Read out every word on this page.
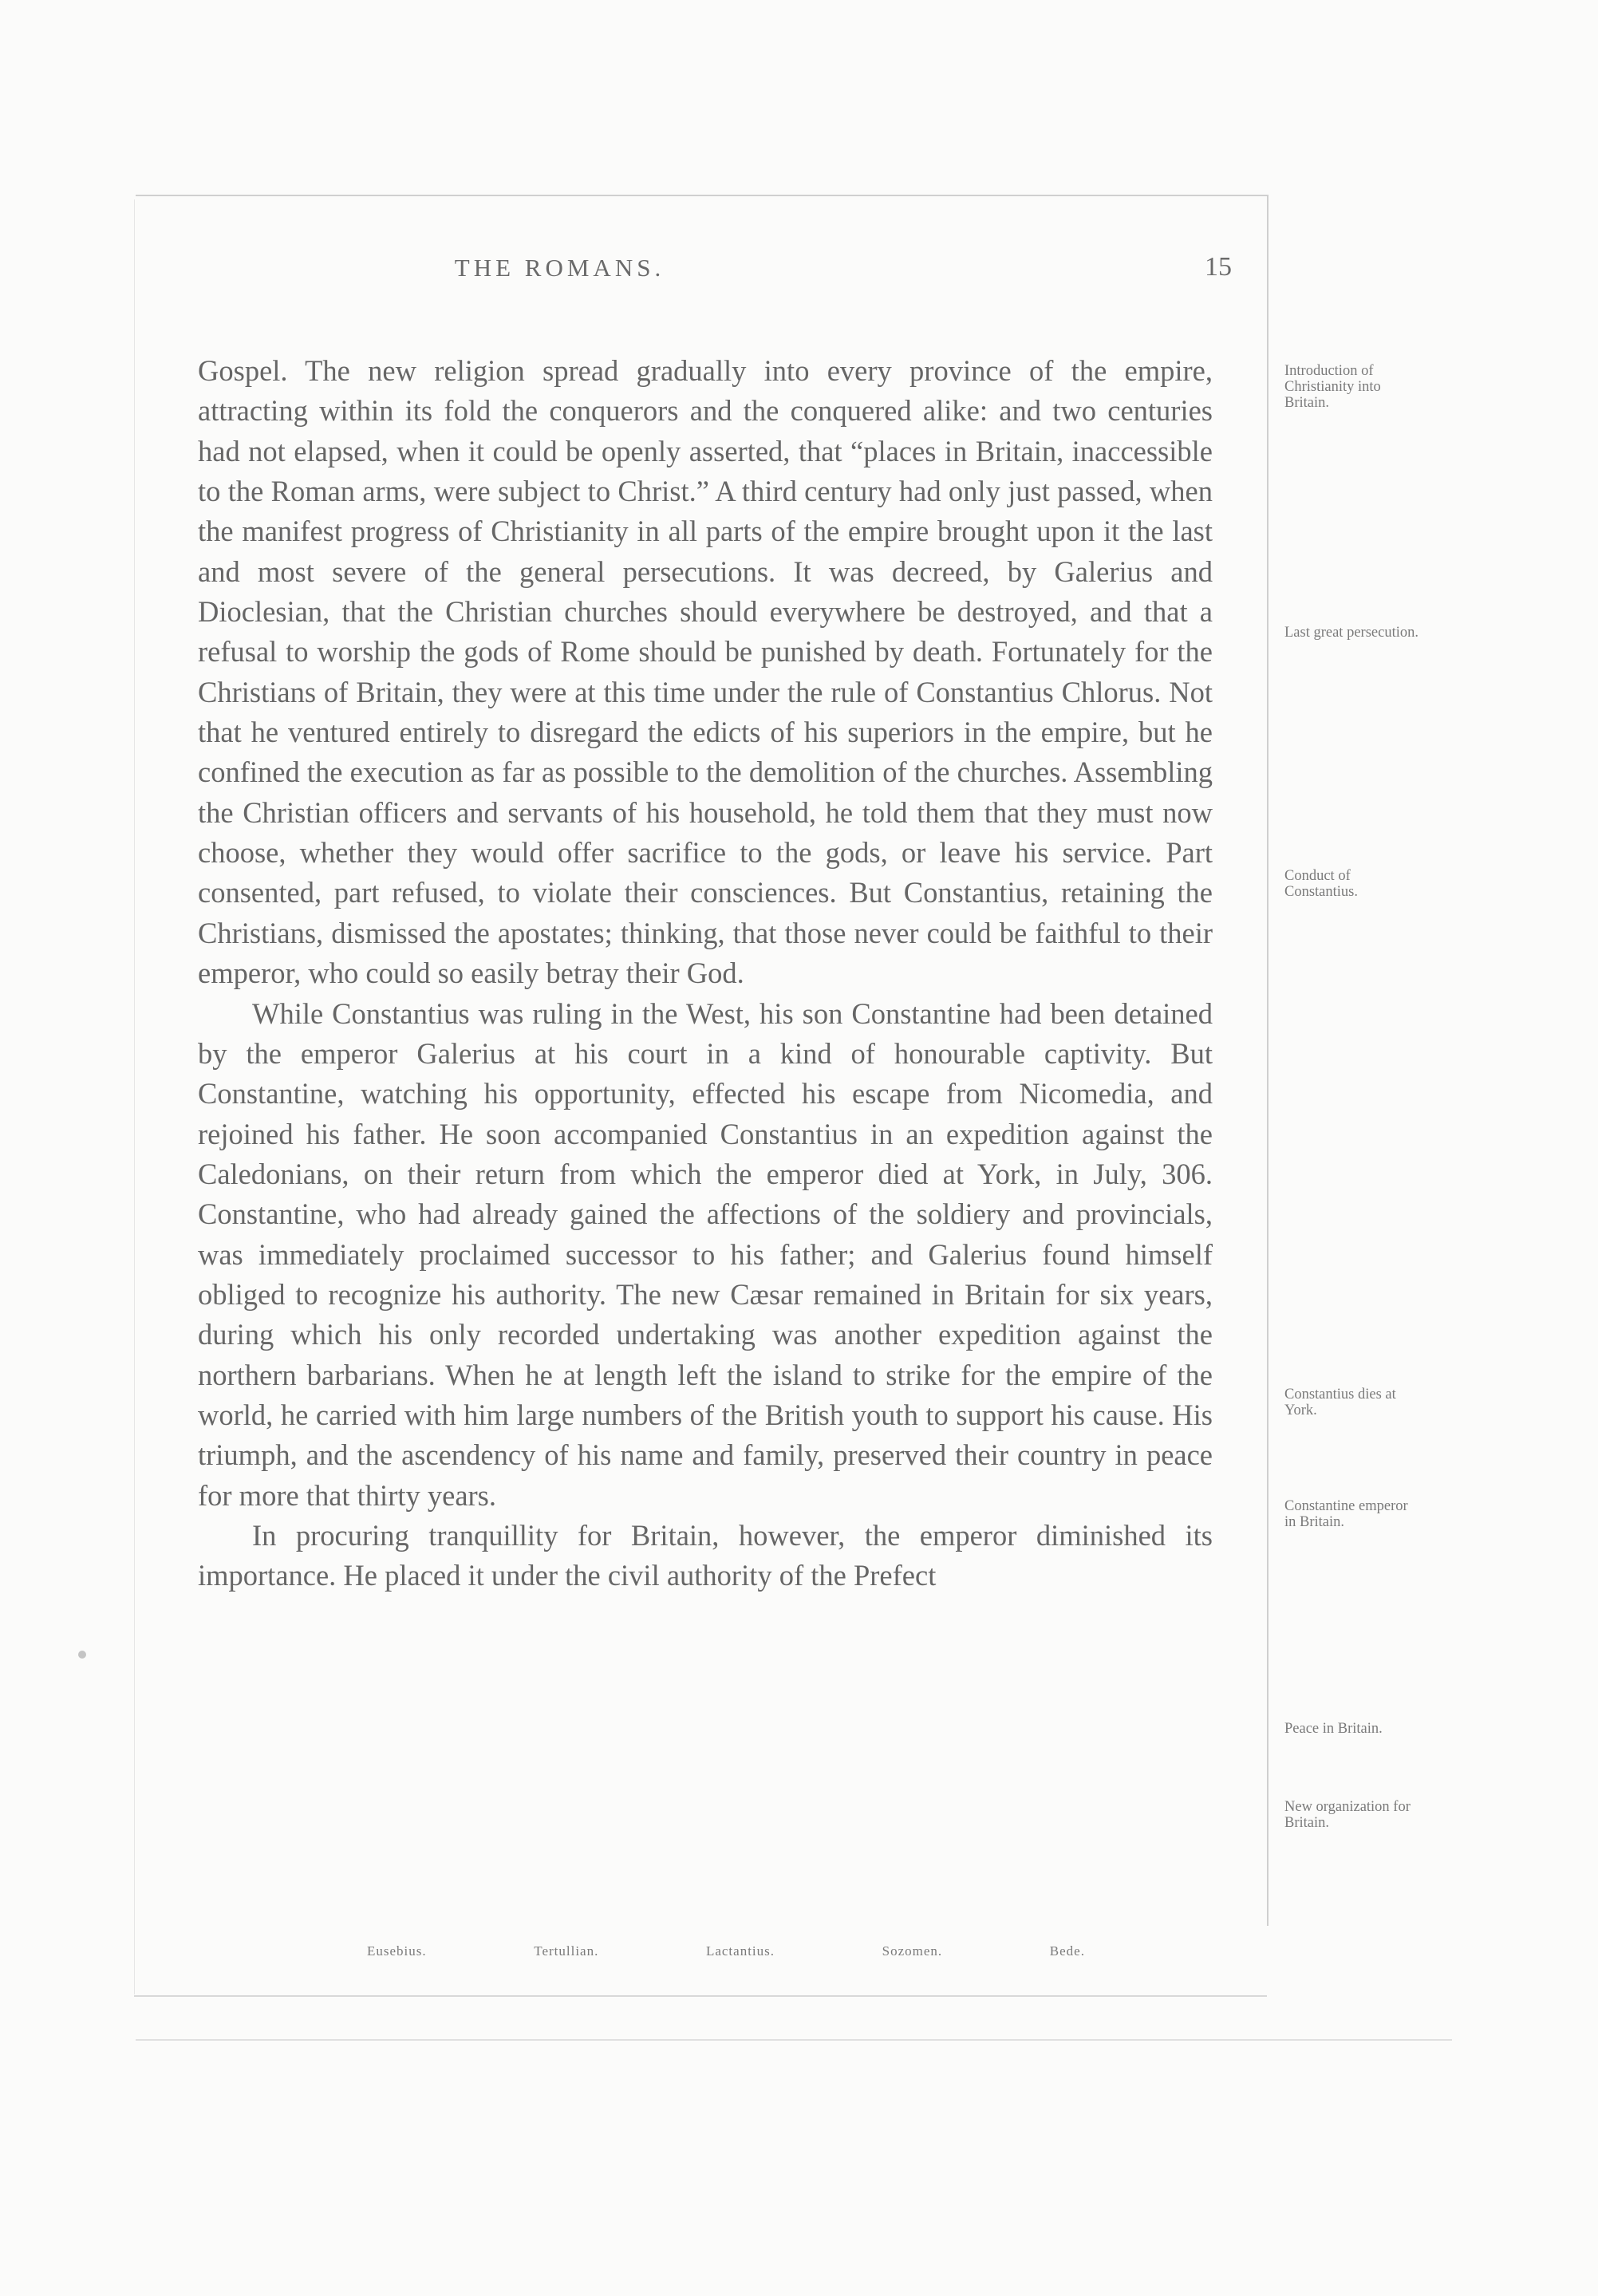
THE ROMANS.	15

Gospel. The new religion spread gradually into every province of the empire, attracting within its fold the conquerors and the conquered alike: and two centuries had not elapsed, when it could be openly asserted, that “places in Britain, inaccessible to the Roman arms, were subject to Christ.” A third century had only just passed, when the manifest progress of Christianity in all parts of the empire brought upon it the last and most severe of the general persecutions. It was decreed, by Galerius and Dioclesian, that the Christian churches should everywhere be destroyed, and that a refusal to worship the gods of Rome should be punished by death. Fortunately for the Christians of Britain, they were at this time under the rule of Constantius Chlorus. Not that he ventured entirely to disregard the edicts of his superiors in the empire, but he confined the execution as far as possible to the demolition of the churches. Assembling the Christian officers and servants of his household, he told them that they must now choose, whether they would offer sacrifice to the gods, or leave his service. Part consented, part refused, to violate their consciences. But Constantius, retaining the Christians, dismissed the apostates; thinking, that those never could be faithful to their emperor, who could so easily betray their God.

While Constantius was ruling in the West, his son Constantine had been detained by the emperor Galerius at his court in a kind of honourable captivity. But Constantine, watching his opportunity, effected his escape from Nicomedia, and rejoined his father. He soon accompanied Constantius in an expedition against the Caledonians, on their return from which the emperor died at York, in July, 306. Constantine, who had already gained the affections of the soldiery and provincials, was immediately proclaimed successor to his father; and Galerius found himself obliged to recognize his authority. The new Cæsar remained in Britain for six years, during which his only recorded undertaking was another expedition against the northern barbarians. When he at length left the island to strike for the empire of the world, he carried with him large numbers of the British youth to support his cause. His triumph, and the ascendency of his name and family, preserved their country in peace for more that thirty years.

In procuring tranquillity for Britain, however, the emperor diminished its importance. He placed it under the civil authority of the Prefect

Introduction of Christianity into Britain.
Last great persecution.
Conduct of Constantius.
Constantius dies at York.
Constantine emperor in Britain.
Peace in Britain.
New organization for Britain.
Eusebius.	Tertullian.	Lactantius.	Sozomen.	Bede.
